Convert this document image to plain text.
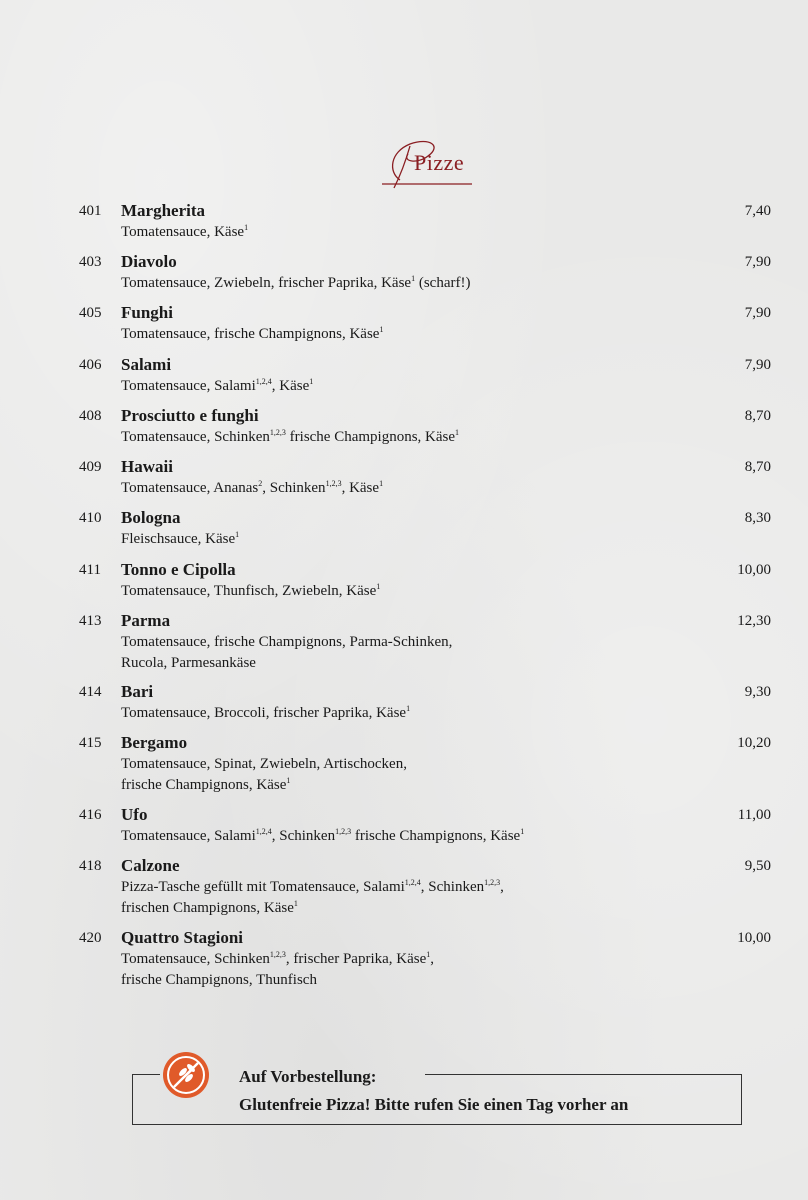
Pizze
401 Margherita	7,40
Tomatensauce, Käse$^1$
403 Diavolo	7,90
Tomatensauce, Zwiebeln, frischer Paprika, Käse$^1$ (scharf!)
405 Funghi	7,90
Tomatensauce, frische Champignons, Käse$^1$
406 Salami	7,90
Tomatensauce, Salami$^{1,2,4}$, Käse$^1$
408 Prosciutto e funghi	8,70
Tomatensauce, Schinken$^{1,2,3}$ frische Champignons, Käse$^1$
409 Hawaii	8,70
Tomatensauce, Ananas$^2$, Schinken$^{1,2,3}$, Käse$^1$
410 Bologna	8,30
Fleischsauce, Käse$^1$
411 Tonno e Cipolla	10,00
Tomatensauce, Thunfisch, Zwiebeln, Käse$^1$
413 Parma	12,30
Tomatensauce, frische Champignons, Parma-Schinken,
Rucola, Parmesankäse
414 Bari	9,30
Tomatensauce, Broccoli, frischer Paprika, Käse$^1$
415 Bergamo	10,20
Tomatensauce, Spinat, Zwiebeln, Artischocken,
frische Champignons, Käse$^1$
416 Ufo	11,00
Tomatensauce, Salami$^{1,2,4}$, Schinken$^{1,2,3}$ frische Champignons, Käse$^1$
418 Calzone	9,50
Pizza-Tasche gefüllt mit Tomatensauce, Salami$^{1,2,4}$, Schinken$^{1,2,3}$,
frischen Champignons, Käse$^1$
420 Quattro Stagioni	10,00
Tomatensauce, Schinken$^{1,2,3}$, frischer Paprika, Käse$^1$,
frische Champignons, Thunfisch
Auf Vorbestellung:
Glutenfreie Pizza! Bitte rufen Sie einen Tag vorher an
